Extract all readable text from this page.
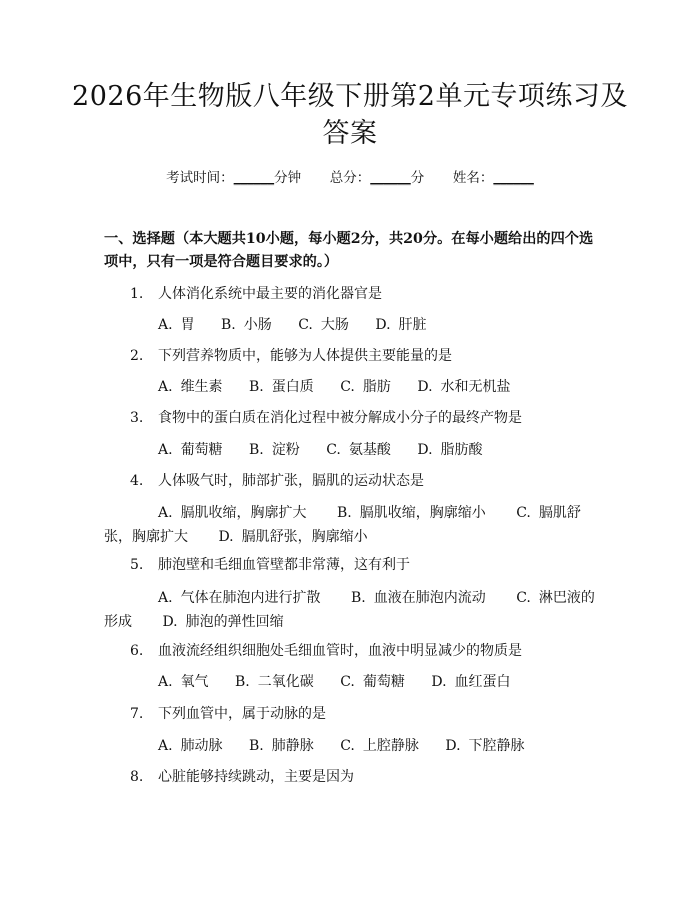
2026年生物版八年级下册第2单元专项练习及答案
考试时间：______分钟 总分：______分 姓名：______
一、选择题（本大题共10小题，每小题2分，共20分。在每小题给出的四个选项中，只有一项是符合题目要求的。）
1. 人体消化系统中最主要的消化器官是
A. 胃 B. 小肠 C. 大肠 D. 肝脏
2. 下列营养物质中，能够为人体提供主要能量的是
A. 维生素 B. 蛋白质 C. 脂肪 D. 水和无机盐
3. 食物中的蛋白质在消化过程中被分解成小分子的最终产物是
A. 葡萄糖 B. 淀粉 C. 氨基酸 D. 脂肪酸
4. 人体吸气时，肺部扩张，膈肌的运动状态是
A. 膈肌收缩，胸廓扩大 B. 膈肌收缩，胸廓缩小 C. 膈肌舒张，胸廓扩大 D. 膈肌舒张，胸廓缩小
5. 肺泡壁和毛细血管壁都非常薄，这有利于
A. 气体在肺泡内进行扩散 B. 血液在肺泡内流动 C. 淋巴液的形成 D. 肺泡的弹性回缩
6. 血液流经组织细胞处毛细血管时，血液中明显减少的物质是
A. 氧气 B. 二氧化碳 C. 葡萄糖 D. 血红蛋白
7. 下列血管中，属于动脉的是
A. 肺动脉 B. 肺静脉 C. 上腔静脉 D. 下腔静脉
8. 心脏能够持续跳动，主要是因为
